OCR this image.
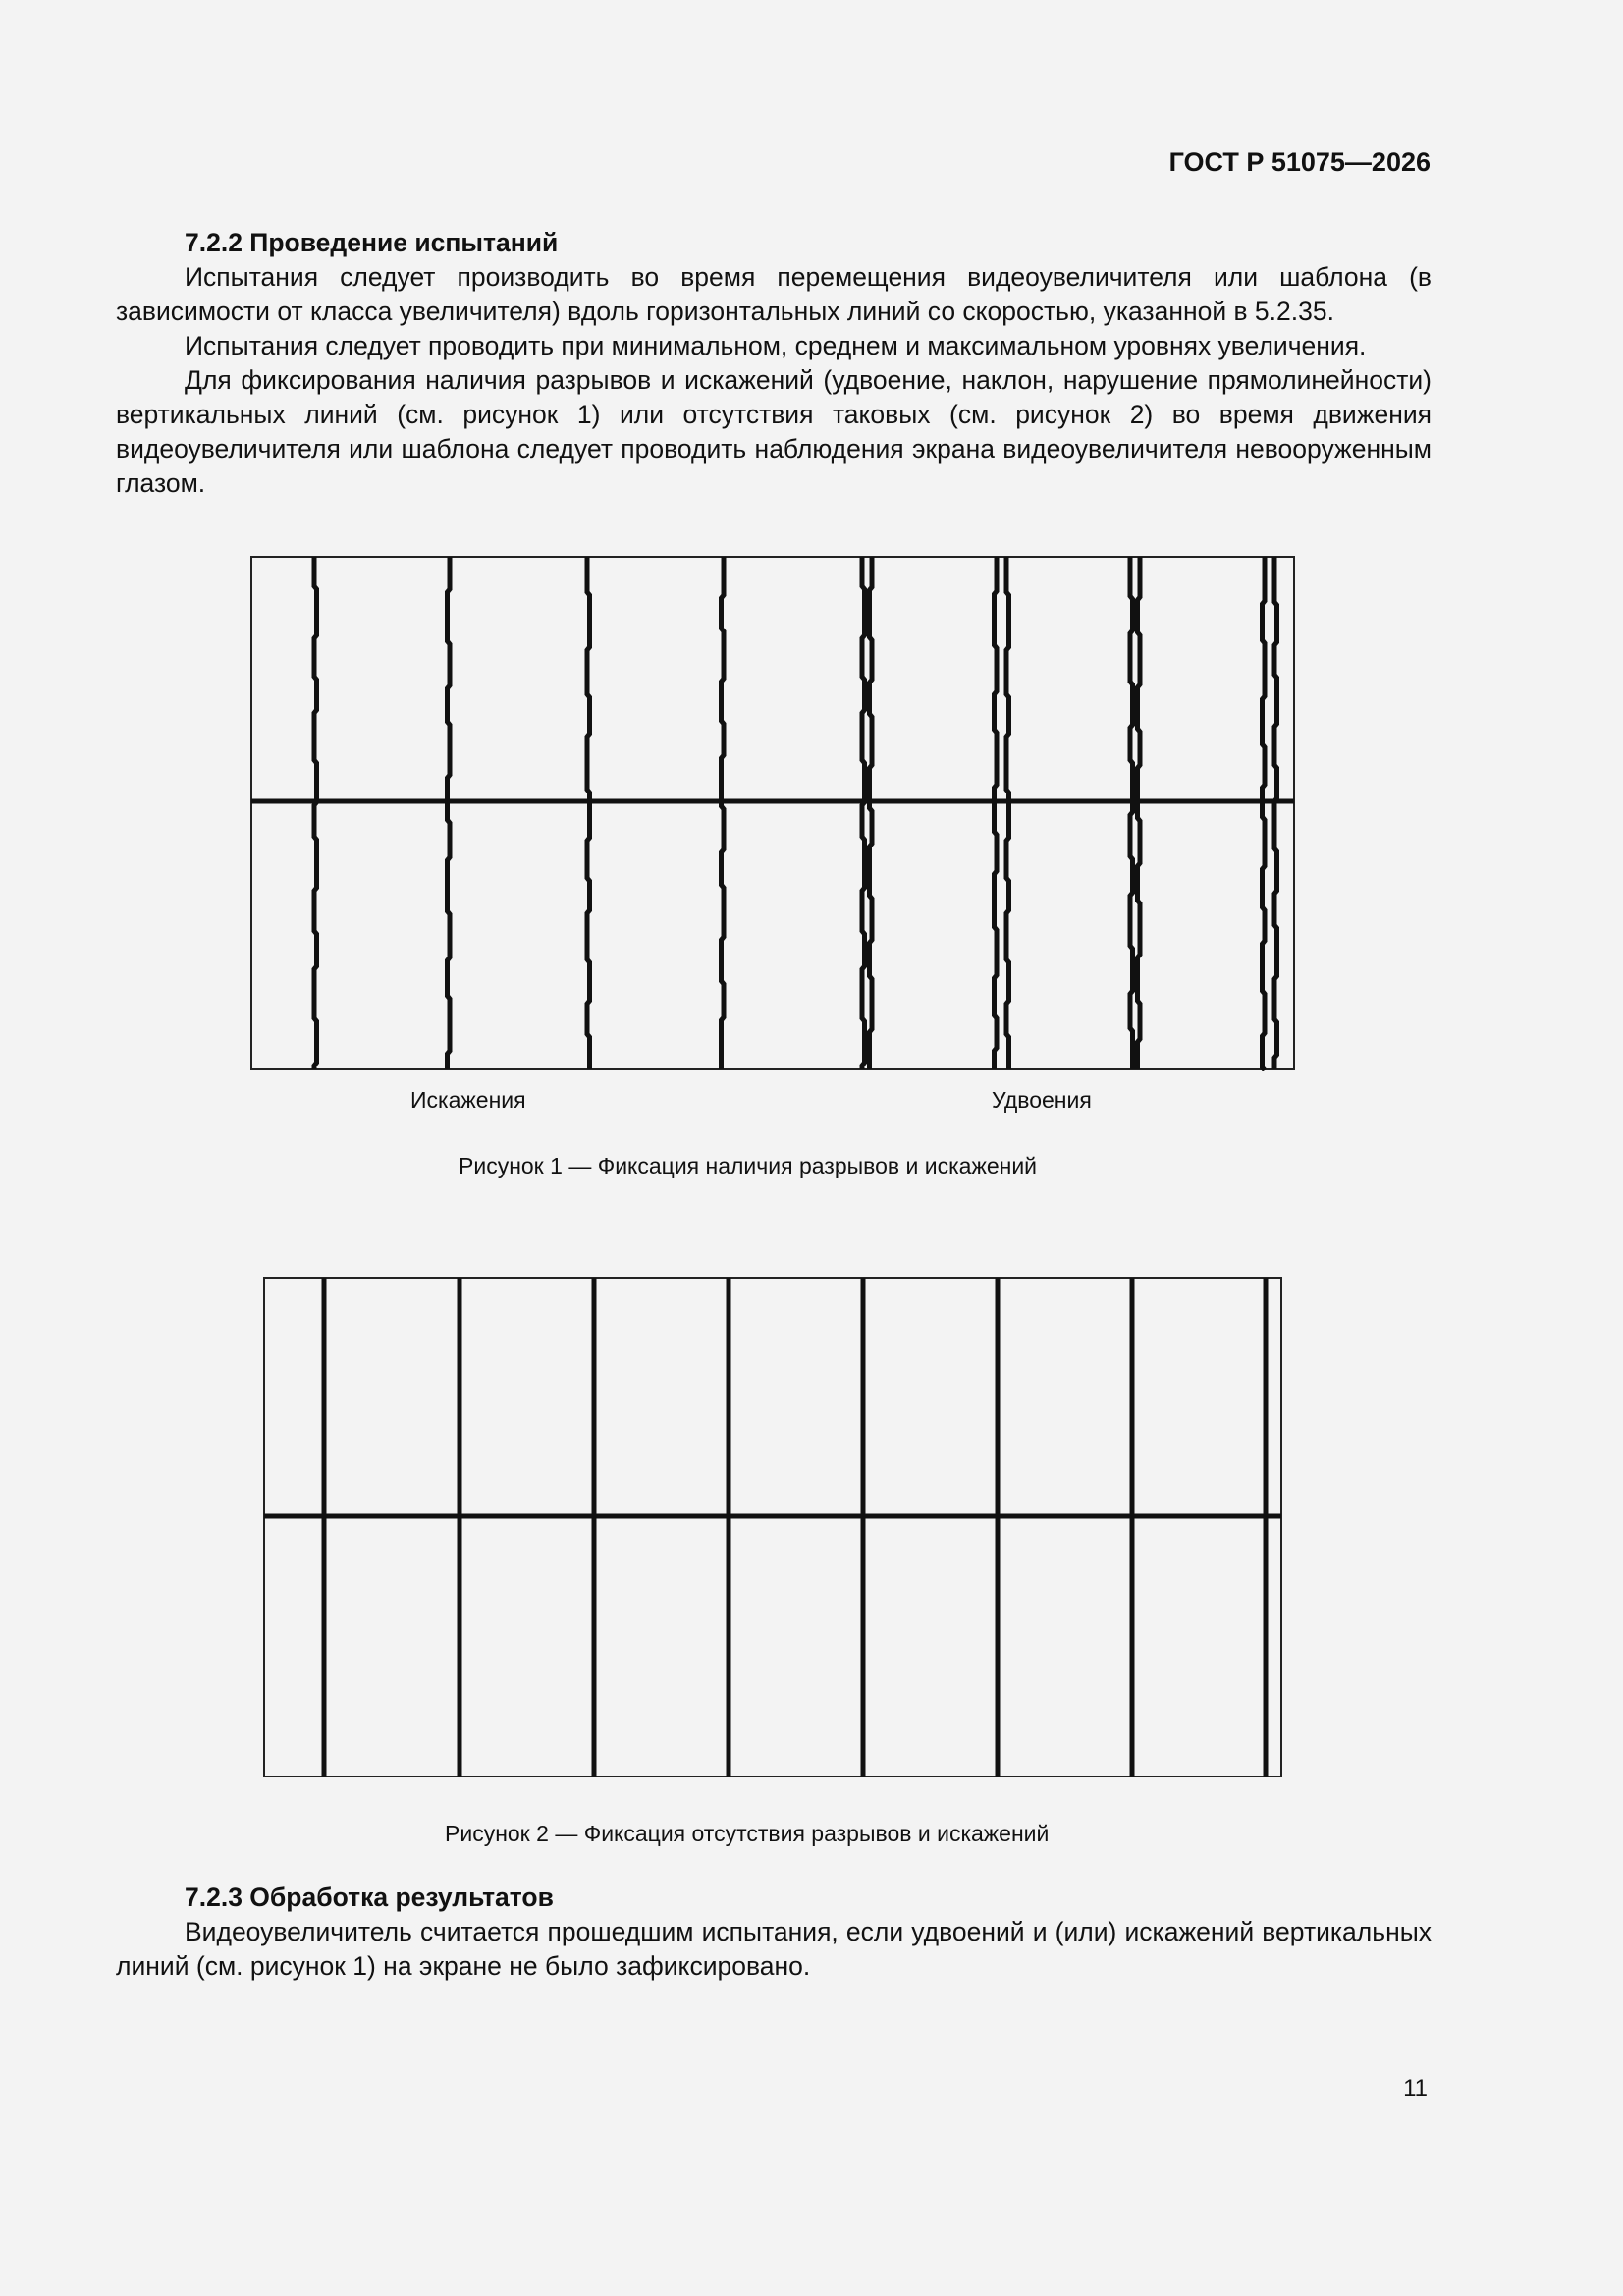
ГОСТ Р 51075—2026
7.2.2 Проведение испытаний

Испытания следует производить во время перемещения видеоувеличителя или шаблона (в зависимости от класса увеличителя) вдоль горизонтальных линий со скоростью, указанной в 5.2.35.

Испытания следует проводить при минимальном, среднем и максимальном уровнях увеличения.

Для фиксирования наличия разрывов и искажений (удвоение, наклон, нарушение прямолинейности) вертикальных линий (см. рисунок 1) или отсутствия таковых (см. рисунок 2) во время движения видеоувеличителя или шаблона следует проводить наблюдения экрана видеоувеличителя невооруженным глазом.

Искажения	Удвоения
Рисунок 1 — Фиксация наличия разрывов и искажений
Рисунок 2 — Фиксация отсутствия разрывов и искажений
7.2.3 Обработка результатов

Видеоувеличитель считается прошедшим испытания, если удвоений и (или) искажений вертикальных линий (см. рисунок 1) на экране не было зафиксировано.

11
